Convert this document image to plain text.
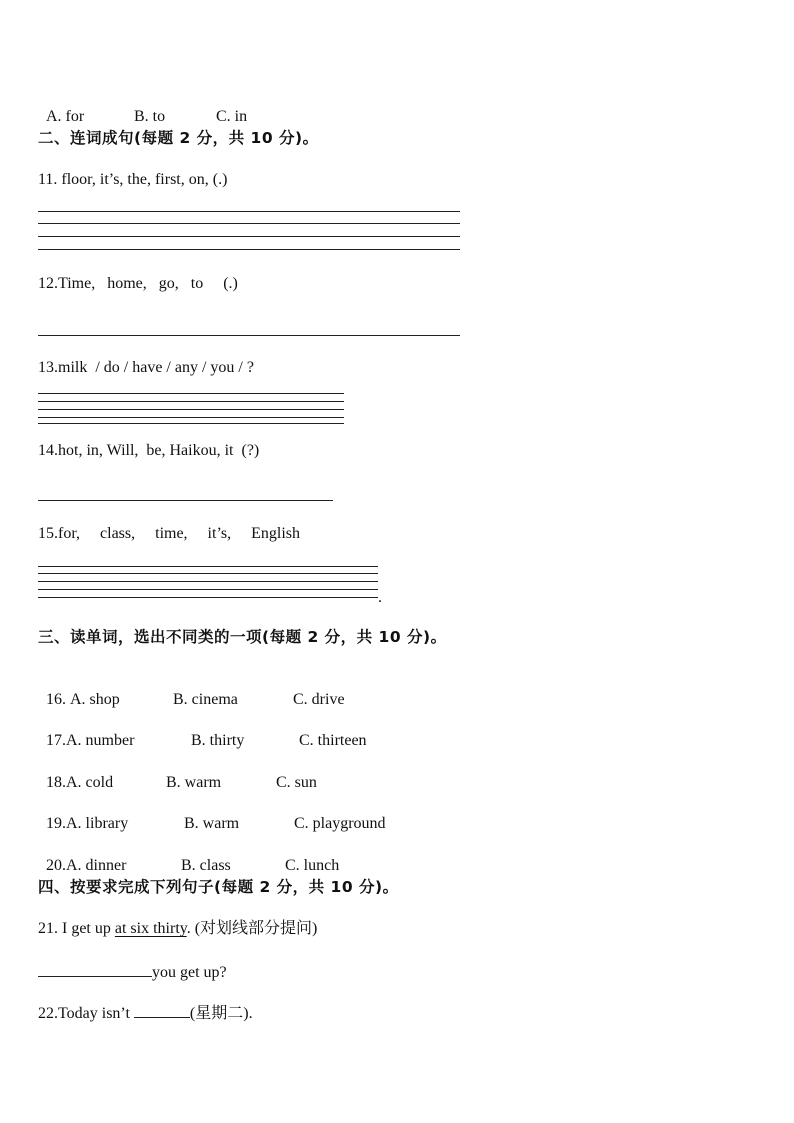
A. for	B. to	C. in

二、连词成句(每题 2 分，共 10 分)。
11. floor, it’s, the, first, on, (.)
12.Time,   home,   go,   to     (.)
13.milk  / do / have / any / you / ?
14.hot, in, Will,  be, Haikou, it  (?)
15.for,     class,     time,     it’s,     English
.
三、读单词，选出不同类的一项(每题 2 分，共 10 分)。

16. A. shop	B. cinema	C. drive

17.A. number	B. thirty	C. thirteen

18.A. cold	B. warm	C. sun

19.A. library	B. warm	C. playground

20.A. dinner	B. class	C. lunch

四、按要求完成下列句子(每题 2 分，共 10 分)。
21. I get up at six thirty. (对划线部分提问)
you get up?
22.Today isn’t	(星期二).
